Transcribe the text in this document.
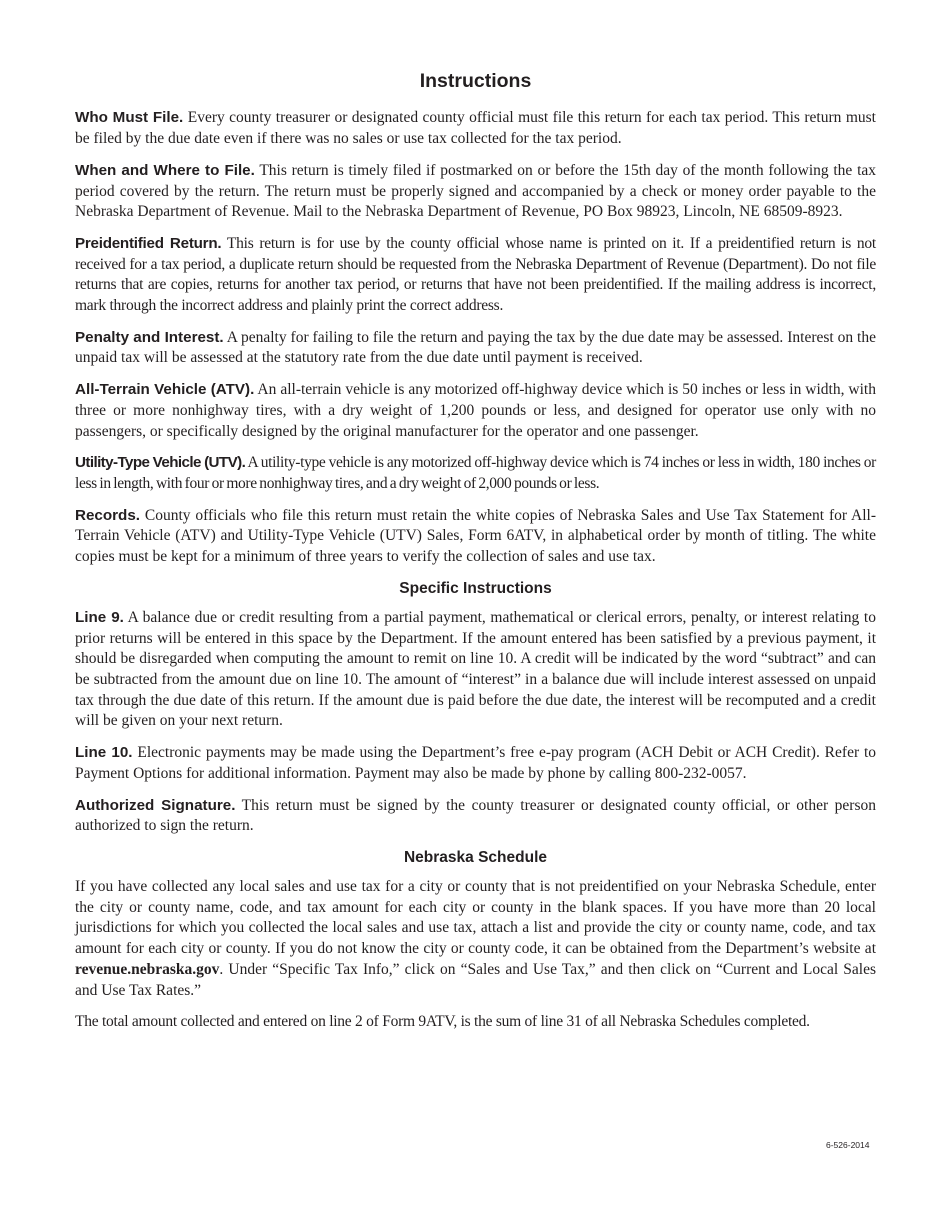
Instructions

Who Must File. Every county treasurer or designated county official must file this return for each tax period. This return must be filed by the due date even if there was no sales or use tax collected for the tax period.

When and Where to File. This return is timely filed if postmarked on or before the 15th day of the month following the tax period covered by the return. The return must be properly signed and accompanied by a check or money order payable to the Nebraska Department of Revenue. Mail to the Nebraska Department of Revenue, PO Box 98923, Lincoln, NE 68509-8923.

Preidentified Return. This return is for use by the county official whose name is printed on it. If a preidentified return is not received for a tax period, a duplicate return should be requested from the Nebraska Department of Revenue (Department). Do not file returns that are copies, returns for another tax period, or returns that have not been preidentified. If the mailing address is incorrect, mark through the incorrect address and plainly print the correct address.

Penalty and Interest. A penalty for failing to file the return and paying the tax by the due date may be assessed. Interest on the unpaid tax will be assessed at the statutory rate from the due date until payment is received.

All-Terrain Vehicle (ATV). An all-terrain vehicle is any motorized off-highway device which is 50 inches or less in width, with three or more nonhighway tires, with a dry weight of 1,200 pounds or less, and designed for operator use only with no passengers, or specifically designed by the original manufacturer for the operator and one passenger.

Utility-Type Vehicle (UTV). A utility-type vehicle is any motorized off-highway device which is 74 inches or less in width, 180 inches or less in length, with four or more nonhighway tires, and a dry weight of 2,000 pounds or less.

Records. County officials who file this return must retain the white copies of Nebraska Sales and Use Tax Statement for All-Terrain Vehicle (ATV) and Utility-Type Vehicle (UTV) Sales, Form 6ATV, in alphabetical order by month of titling. The white copies must be kept for a minimum of three years to verify the collection of sales and use tax.

Specific Instructions

Line 9. A balance due or credit resulting from a partial payment, mathematical or clerical errors, penalty, or interest relating to prior returns will be entered in this space by the Department. If the amount entered has been satisfied by a previous payment, it should be disregarded when computing the amount to remit on line 10. A credit will be indicated by the word “subtract” and can be subtracted from the amount due on line 10. The amount of “interest” in a balance due will include interest assessed on unpaid tax through the due date of this return. If the amount due is paid before the due date, the interest will be recomputed and a credit will be given on your next return.

Line 10. Electronic payments may be made using the Department’s free e-pay program (ACH Debit or ACH Credit). Refer to Payment Options for additional information. Payment may also be made by phone by calling 800-232-0057.

Authorized Signature. This return must be signed by the county treasurer or designated county official, or other person authorized to sign the return.

Nebraska Schedule

If you have collected any local sales and use tax for a city or county that is not preidentified on your Nebraska Schedule, enter the city or county name, code, and tax amount for each city or county in the blank spaces. If you have more than 20 local jurisdictions for which you collected the local sales and use tax, attach a list and provide the city or county name, code, and tax amount for each city or county. If you do not know the city or county code, it can be obtained from the Department’s website at revenue.nebraska.gov. Under “Specific Tax Info,” click on “Sales and Use Tax,” and then click on “Current and Local Sales and Use Tax Rates.”

The total amount collected and entered on line 2 of Form 9ATV, is the sum of line 31 of all Nebraska Schedules completed.

6-526-2014
